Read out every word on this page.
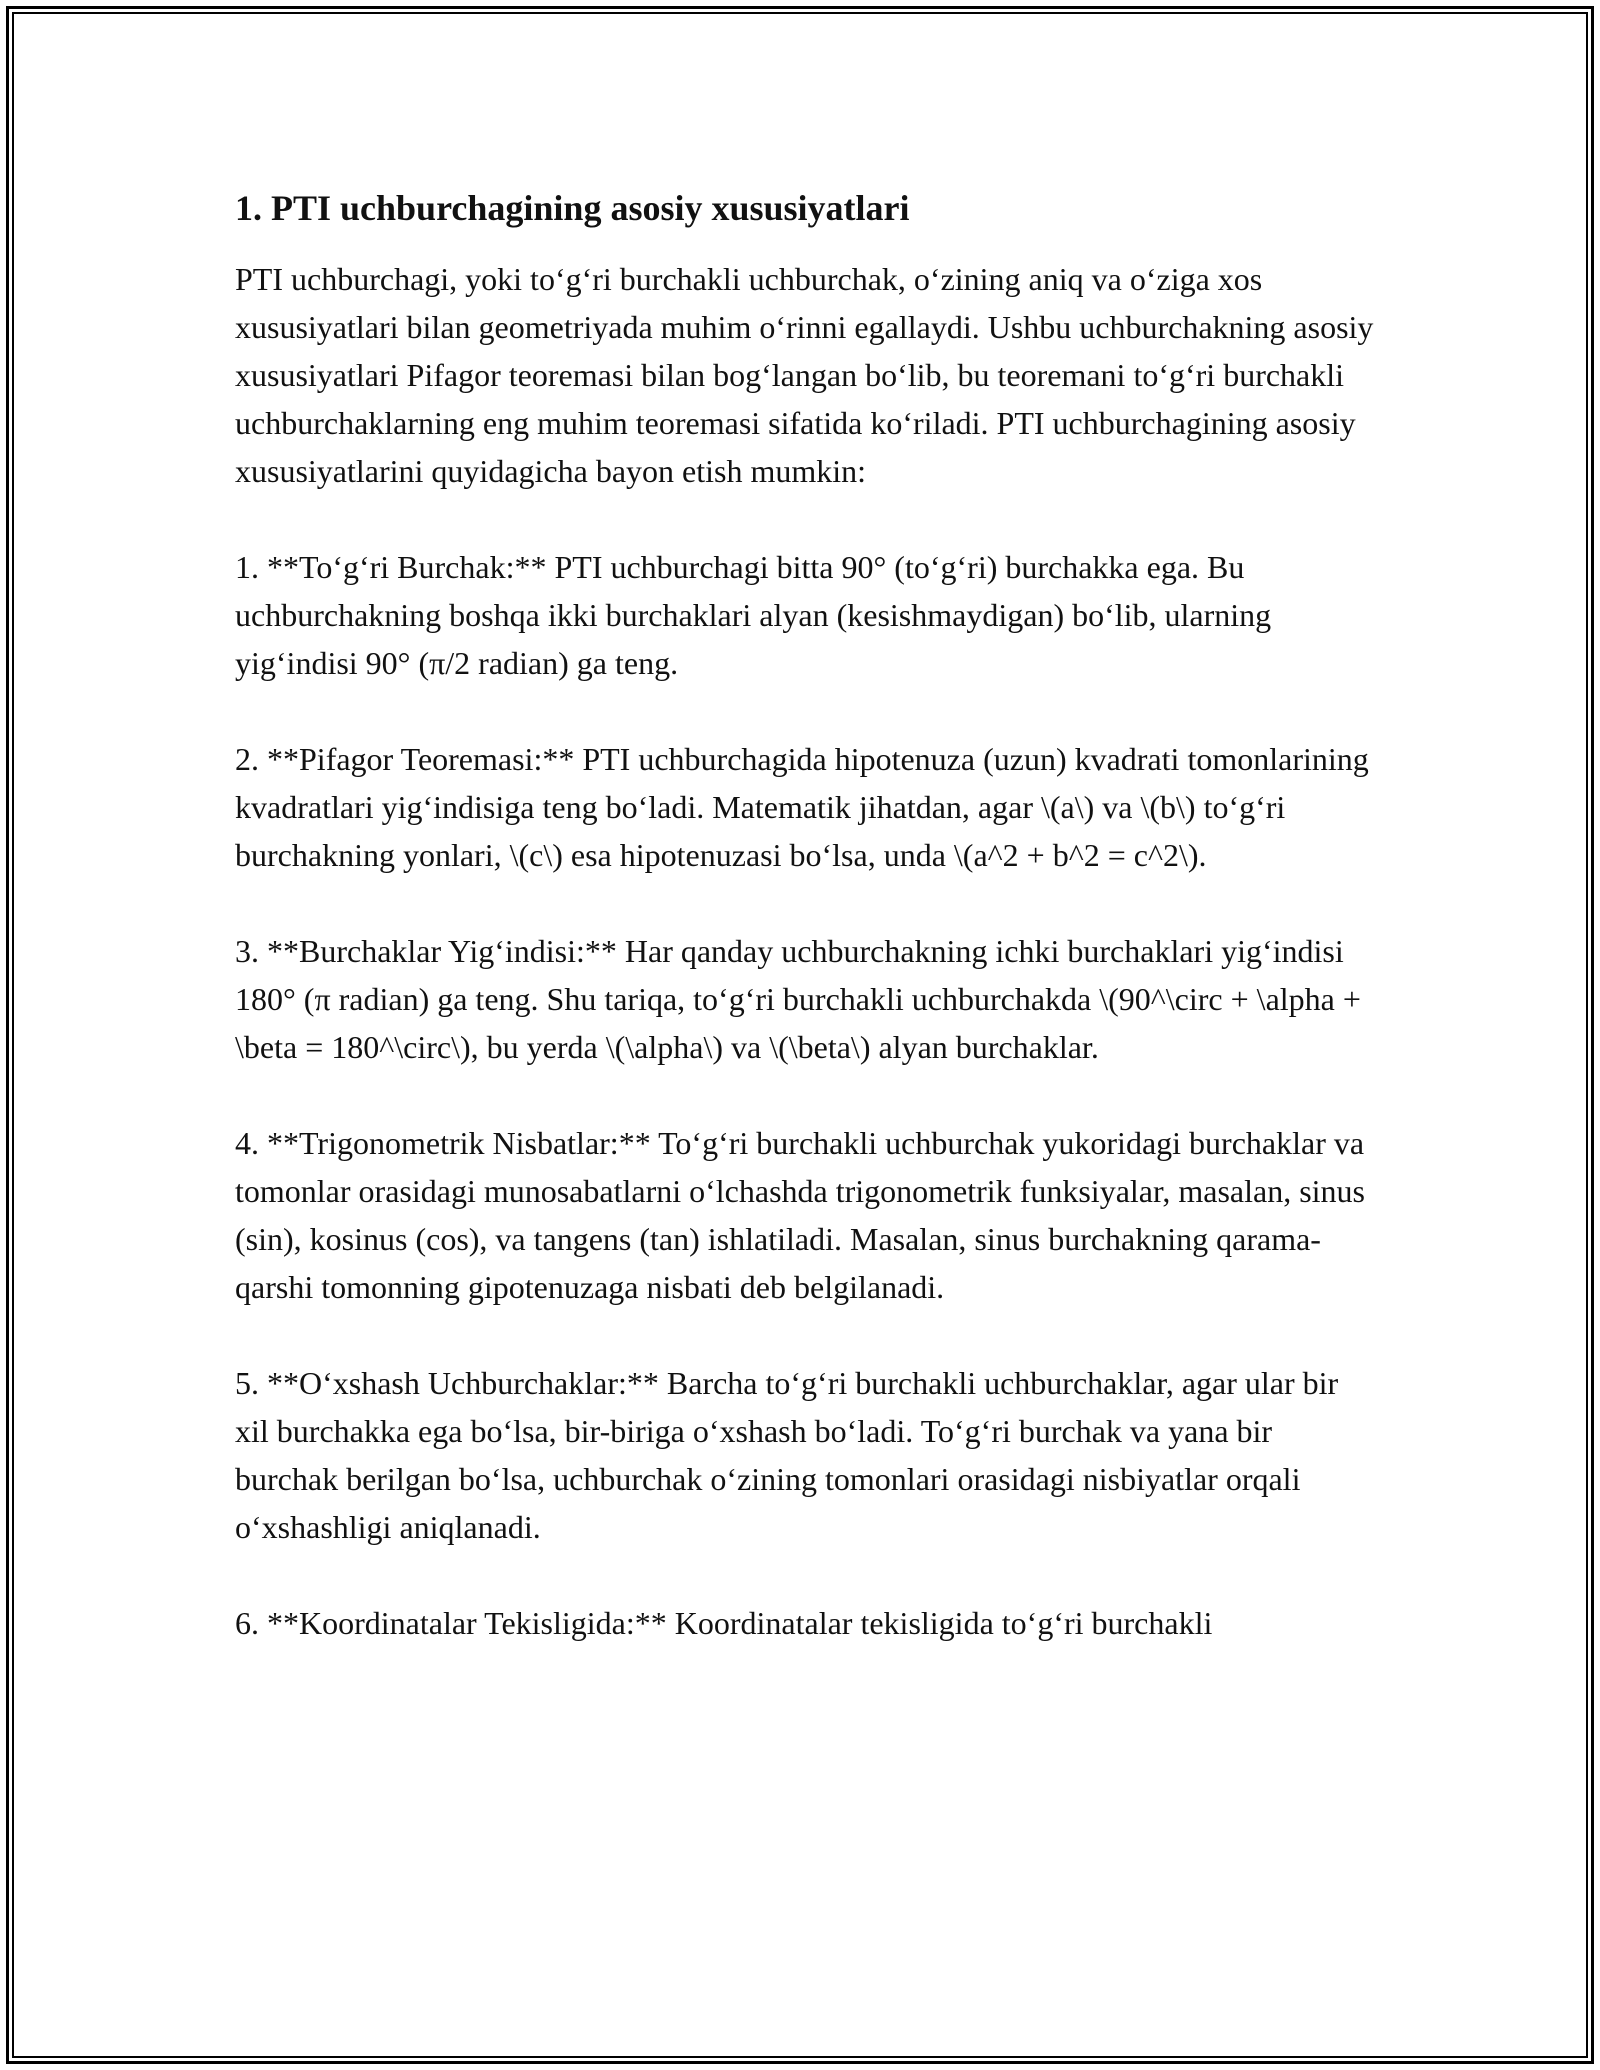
1. PTI uchburchagining asosiy xususiyatlari

PTI uchburchagi, yoki to‘g‘ri burchakli uchburchak, o‘zining aniq va o‘ziga xos xususiyatlari bilan geometriyada muhim o‘rinni egallaydi. Ushbu uchburchakning asosiy xususiyatlari Pifagor teoremasi bilan bog‘langan bo‘lib, bu teoremani to‘g‘ri burchakli uchburchaklarning eng muhim teoremasi sifatida ko‘riladi. PTI uchburchagining asosiy xususiyatlarini quyidagicha bayon etish mumkin:

1. **To‘g‘ri Burchak:** PTI uchburchagi bitta 90° (to‘g‘ri) burchakka ega. Bu uchburchakning boshqa ikki burchaklari alyan (kesishmaydigan) bo‘lib, ularning yig‘indisi 90° (π/2 radian) ga teng.

2. **Pifagor Teoremasi:** PTI uchburchagida hipotenuza (uzun) kvadrati tomonlarining kvadratlari yig‘indisiga teng bo‘ladi. Matematik jihatdan, agar \(a\) va \(b\) to‘g‘ri burchakning yonlari, \(c\) esa hipotenuzasi bo‘lsa, unda \(a^2 + b^2 = c^2\).

3. **Burchaklar Yig‘indisi:** Har qanday uchburchakning ichki burchaklari yig‘indisi 180° (π radian) ga teng. Shu tariqa, to‘g‘ri burchakli uchburchakda \(90^\circ + \alpha + \beta = 180^\circ\), bu yerda \(\alpha\) va \(\beta\) alyan burchaklar.

4. **Trigonometrik Nisbatlar:** To‘g‘ri burchakli uchburchak yukoridagi burchaklar va tomonlar orasidagi munosabatlarni o‘lchashda trigonometrik funksiyalar, masalan, sinus (sin), kosinus (cos), va tangens (tan) ishlatiladi. Masalan, sinus burchakning qarama-qarshi tomonning gipotenuzaga nisbati deb belgilanadi.

5. **O‘xshash Uchburchaklar:** Barcha to‘g‘ri burchakli uchburchaklar, agar ular bir xil burchakka ega bo‘lsa, bir-biriga o‘xshash bo‘ladi. To‘g‘ri burchak va yana bir burchak berilgan bo‘lsa, uchburchak o‘zining tomonlari orasidagi nisbiyatlar orqali o‘xshashligi aniqlanadi.

6. **Koordinatalar Tekisligida:** Koordinatalar tekisligida to‘g‘ri burchakli
